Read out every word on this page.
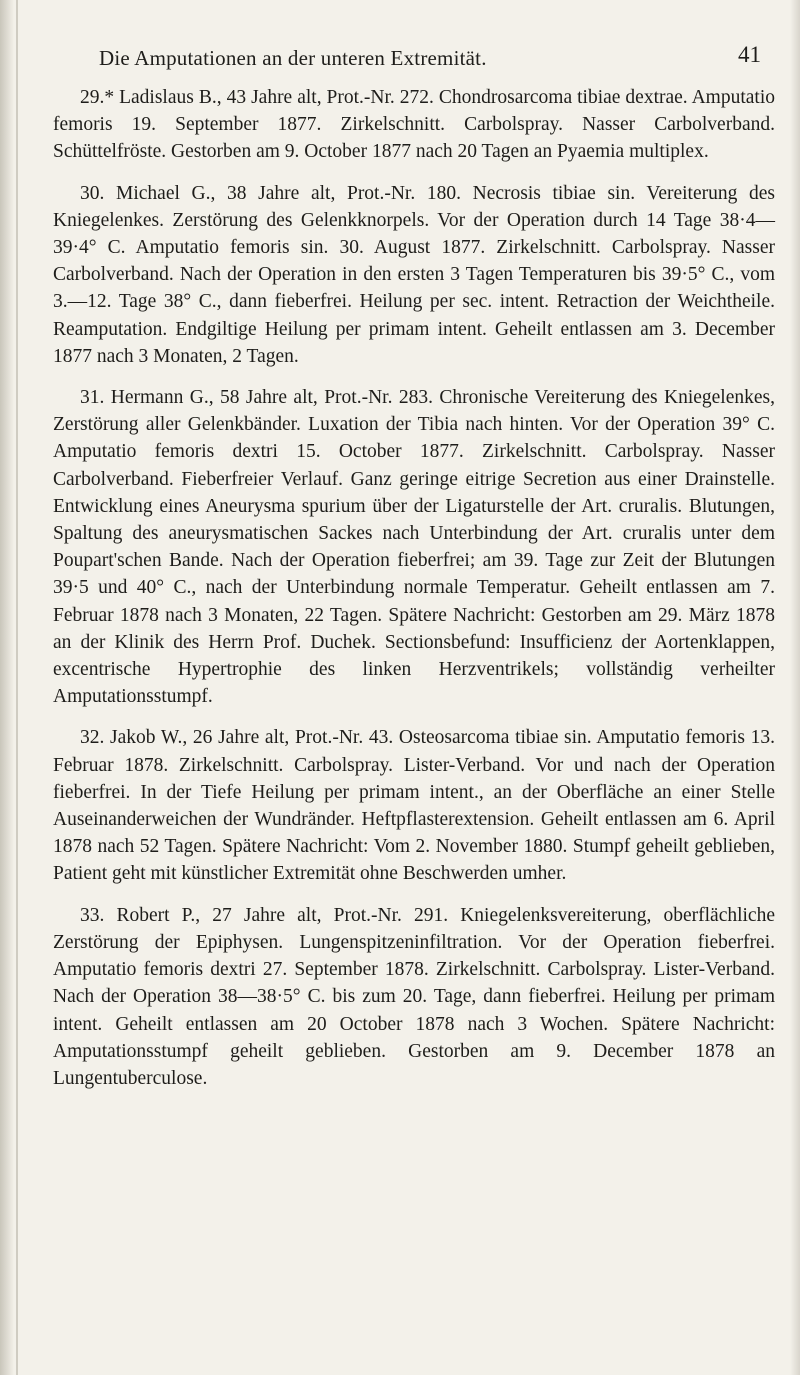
Die Amputationen an der unteren Extremität.	41

29.* Ladislaus B., 43 Jahre alt, Prot.-Nr. 272. Chondrosarcoma tibiae dextrae. Amputatio femoris 19. September 1877. Zirkelschnitt. Carbolspray. Nasser Carbolverband. Schüttelfröste. Gestorben am 9. October 1877 nach 20 Tagen an Pyaemia multiplex.

30. Michael G., 38 Jahre alt, Prot.-Nr. 180. Necrosis tibiae sin. Vereiterung des Kniegelenkes. Zerstörung des Gelenkknorpels. Vor der Operation durch 14 Tage 38·4—39·4° C. Amputatio femoris sin. 30. August 1877. Zirkelschnitt. Carbolspray. Nasser Carbolverband. Nach der Operation in den ersten 3 Tagen Temperaturen bis 39·5° C., vom 3.—12. Tage 38° C., dann fieberfrei. Heilung per sec. intent. Retraction der Weichtheile. Reamputation. Endgiltige Heilung per primam intent. Geheilt entlassen am 3. December 1877 nach 3 Monaten, 2 Tagen.

31. Hermann G., 58 Jahre alt, Prot.-Nr. 283. Chronische Vereiterung des Kniegelenkes, Zerstörung aller Gelenkbänder. Luxation der Tibia nach hinten. Vor der Operation 39° C. Amputatio femoris dextri 15. October 1877. Zirkelschnitt. Carbolspray. Nasser Carbolverband. Fieberfreier Verlauf. Ganz geringe eitrige Secretion aus einer Drainstelle. Entwicklung eines Aneurysma spurium über der Ligaturstelle der Art. cruralis. Blutungen, Spaltung des aneurysmatischen Sackes nach Unterbindung der Art. cruralis unter dem Poupart'schen Bande. Nach der Operation fieberfrei; am 39. Tage zur Zeit der Blutungen 39·5 und 40° C., nach der Unterbindung normale Temperatur. Geheilt entlassen am 7. Februar 1878 nach 3 Monaten, 22 Tagen. Spätere Nachricht: Gestorben am 29. März 1878 an der Klinik des Herrn Prof. Duchek. Sectionsbefund: Insufficienz der Aortenklappen, excentrische Hypertrophie des linken Herzventrikels; vollständig verheilter Amputationsstumpf.

32. Jakob W., 26 Jahre alt, Prot.-Nr. 43. Osteosarcoma tibiae sin. Amputatio femoris 13. Februar 1878. Zirkelschnitt. Carbolspray. Lister-Verband. Vor und nach der Operation fieberfrei. In der Tiefe Heilung per primam intent., an der Oberfläche an einer Stelle Auseinanderweichen der Wundränder. Heftpflasterextension. Geheilt entlassen am 6. April 1878 nach 52 Tagen. Spätere Nachricht: Vom 2. November 1880. Stumpf geheilt geblieben, Patient geht mit künstlicher Extremität ohne Beschwerden umher.

33. Robert P., 27 Jahre alt, Prot.-Nr. 291. Kniegelenksvereiterung, oberflächliche Zerstörung der Epiphysen. Lungenspitzeninfiltration. Vor der Operation fieberfrei. Amputatio femoris dextri 27. September 1878. Zirkelschnitt. Carbolspray. Lister-Verband. Nach der Operation 38—38·5° C. bis zum 20. Tage, dann fieberfrei. Heilung per primam intent. Geheilt entlassen am 20 October 1878 nach 3 Wochen. Spätere Nachricht: Amputationsstumpf geheilt geblieben. Gestorben am 9. December 1878 an Lungentuberculose.
